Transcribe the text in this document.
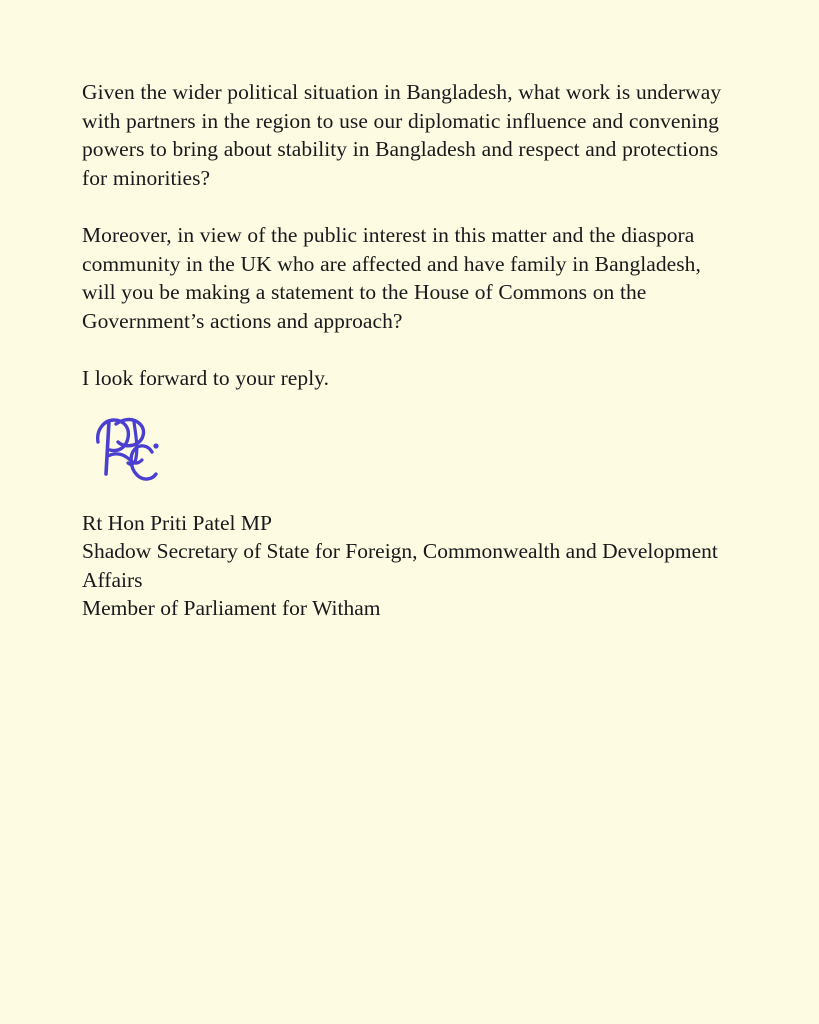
Given the wider political situation in Bangladesh, what work is underway with partners in the region to use our diplomatic influence and convening powers to bring about stability in Bangladesh and respect and protections for minorities?

Moreover, in view of the public interest in this matter and the diaspora community in the UK who are affected and have family in Bangladesh, will you be making a statement to the House of Commons on the Government’s actions and approach?

I look forward to your reply.

Rt Hon Priti Patel MP

Shadow Secretary of State for Foreign, Commonwealth and Development Affairs

Member of Parliament for Witham
